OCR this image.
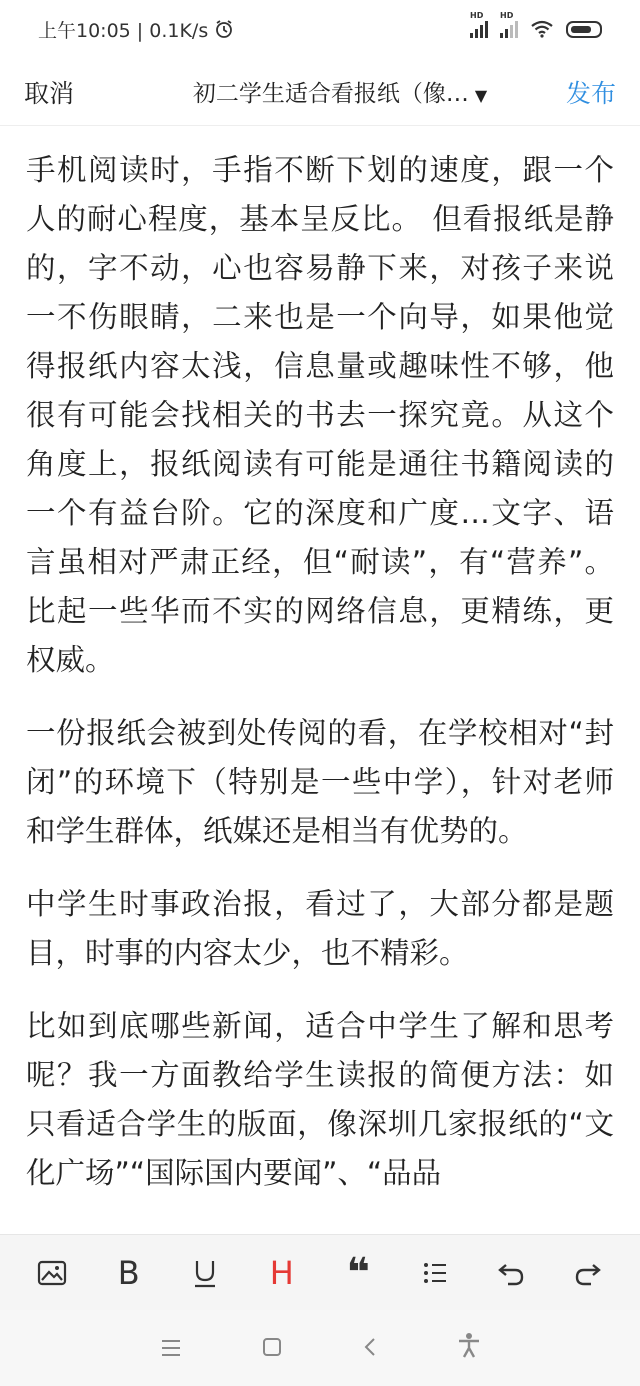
上午10:05 | 0.1K/s
HD HD
取消	初二学生适合看报纸（像… ▼	发布

手机阅读时，手指不断下划的速度，跟一个人的耐心程度，基本呈反比。 但看报纸是静的，字不动，心也容易静下来，对孩子来说一不伤眼睛，二来也是一个向导，如果他觉得报纸内容太浅，信息量或趣味性不够，他很有可能会找相关的书去一探究竟。从这个角度上，报纸阅读有可能是通往书籍阅读的一个有益台阶。它的深度和广度…文字、语言虽相对严肃正经，但“耐读”，有“营养”。比起一些华而不实的网络信息，更精练，更权威。

一份报纸会被到处传阅的看，在学校相对“封闭”的环境下（特别是一些中学），针对老师和学生群体，纸媒还是相当有优势的。

中学生时事政治报，看过了，大部分都是题目，时事的内容太少，也不精彩。

比如到底哪些新闻，适合中学生了解和思考呢？我一方面教给学生读报的简便方法：如只看适合学生的版面，像深圳几家报纸的“文化广场”“国际国内要闻”、“品品

B	H ❝
